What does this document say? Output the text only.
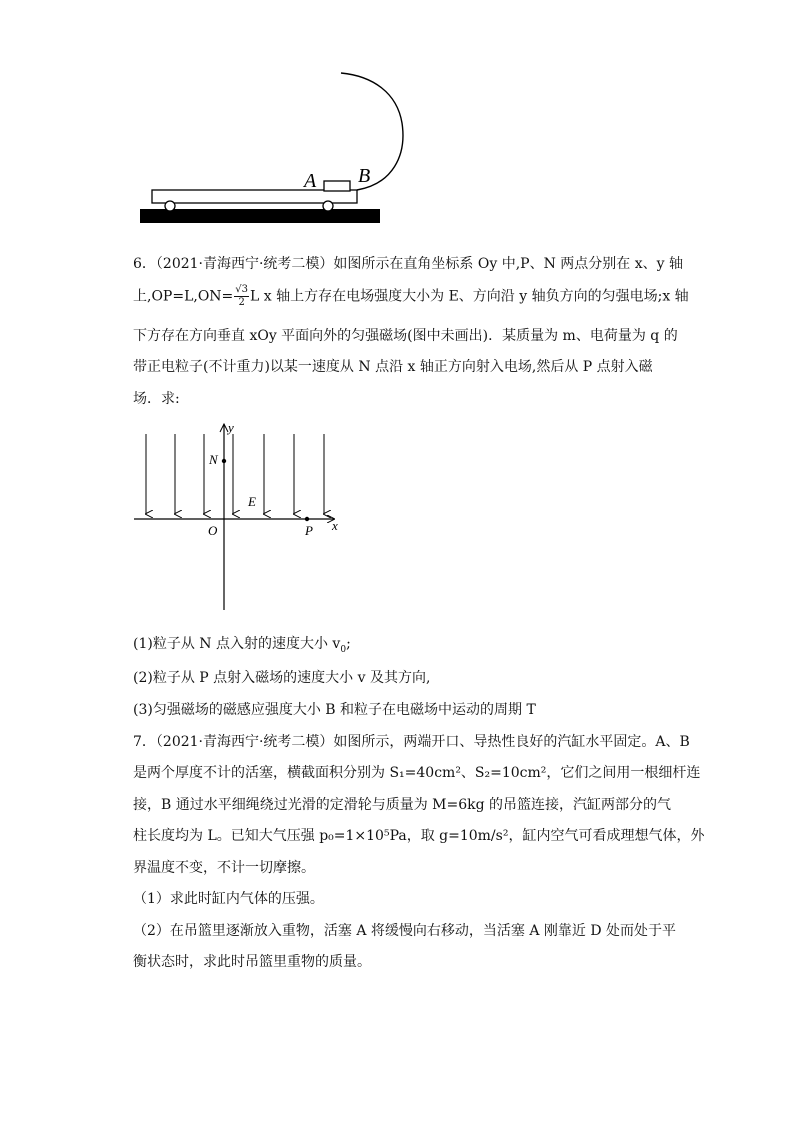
A B
6．（2021·青海西宁·统考二模）如图所示在直角坐标系 Oy 中,P、N 两点分别在 x、y 轴
上$,OP=L,ON= \frac{√3}{2}$ L x 轴上方存在电场强度大小为 E、方向沿 y 轴负方向的匀强电场;x 轴
下方存在方向垂直 xOy 平面向外的匀强磁场(图中未画出)．某质量为 m、电荷量为 q 的
带正电粒子(不计重力)以某一速度从 N 点沿 x 轴正方向射入电场,然后从 P 点射入磁
场．求:
y
N
E
O	P x
(1)粒子从 N 点入射的速度大小 $v_0$;
(2)粒子从 P 点射入磁场的速度大小 v 及其方向,
(3)匀强磁场的磁感应强度大小 B 和粒子在电磁场中运动的周期 T
7．（2021·青海西宁·统考二模）如图所示，两端开口、导热性良好的汽缸水平固定。A、B
是两个厚度不计的活塞，横截面积分别为 S₁=40cm²、S₂=10cm²，它们之间用一根细杆连
接，B 通过水平细绳绕过光滑的定滑轮与质量为 M=6kg 的吊篮连接，汽缸两部分的气
柱长度均为 L。已知大气压强 p₀=1×10⁵Pa，取 g=10m/s²，缸内空气可看成理想气体，外
界温度不变，不计一切摩擦。
（1）求此时缸内气体的压强。
（2）在吊篮里逐渐放入重物，活塞 A 将缓慢向右移动，当活塞 A 刚靠近 D 处而处于平
衡状态时，求此时吊篮里重物的质量。
